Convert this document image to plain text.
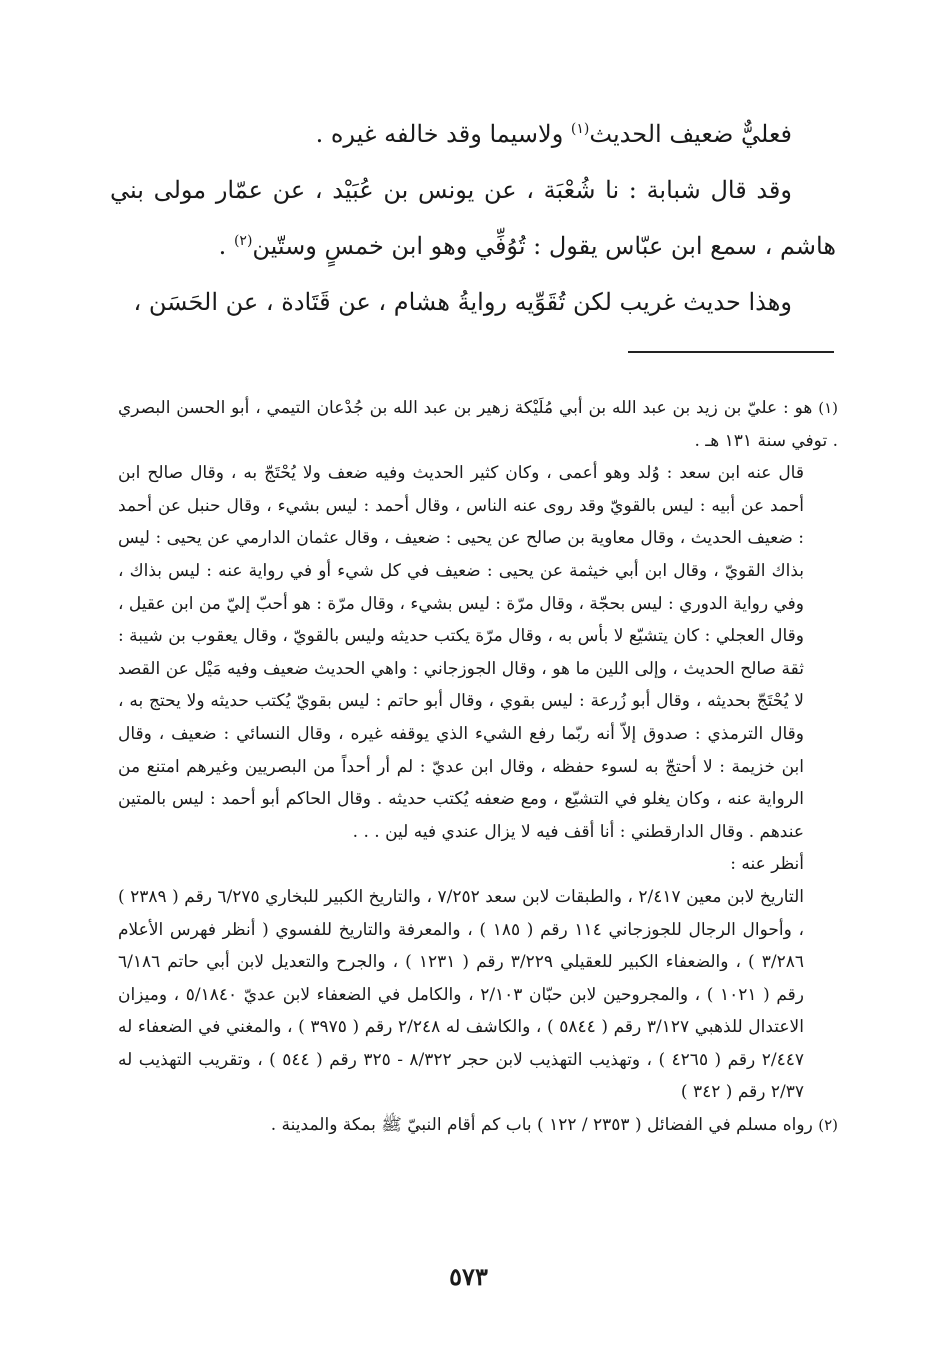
فعليٌّ ضعيف الحديث$^{(١)}$ ولاسيما وقد خالفه غيره .

وقد قال شبابة : نا شُعْبَة ، عن يونس بن عُبَيْد ، عن عمّار مولى بني هاشم ، سمع ابن عبّاس يقول : تُوُفِّي وهو ابن خمسٍ وستّين$^{(٢)}$ .

وهذا حديث غريب لكن تُقَوِّيه روايةُ هشام ، عن قَتَادة ، عن الحَسَن ،

(١) هو : عليّ بن زيد بن عبد الله بن أبي مُلَيْكة زهير بن عبد الله بن جُدْعان التيمي ، أبو الحسن البصري . توفي سنة ١٣١ هـ .

قال عنه ابن سعد : وُلد وهو أعمى ، وكان كثير الحديث وفيه ضعف ولا يُحْتَجّ به ، وقال صالح ابن أحمد عن أبيه : ليس بالقويّ وقد روى عنه الناس ، وقال أحمد : ليس بشيء ، وقال حنبل عن أحمد : ضعيف الحديث ، وقال معاوية بن صالح عن يحيى : ضعيف ، وقال عثمان الدارمي عن يحيى : ليس بذاك القويّ ، وقال ابن أبي خيثمة عن يحيى : ضعيف في كل شيء أو في رواية عنه : ليس بذاك ، وفي رواية الدوري : ليس بحجّة ، وقال مرّة : ليس بشيء ، وقال مرّة : هو أحبّ إليّ من ابن عقيل ، وقال العجلي : كان يتشيّع لا بأس به ، وقال مرّة يكتب حديثه وليس بالقويّ ، وقال يعقوب بن شيبة : ثقة صالح الحديث ، وإلى اللين ما هو ، وقال الجوزجاني : واهي الحديث ضعيف وفيه مَيْل عن القصد لا يُحْتَجّ بحديثه ، وقال أبو زُرعة : ليس بقوي ، وقال أبو حاتم : ليس بقويّ يُكتب حديثه ولا يحتج به ، وقال الترمذي : صدوق إلاّ أنه ربّما رفع الشيء الذي يوقفه غيره ، وقال النسائي : ضعيف ، وقال ابن خزيمة : لا أحتجّ به لسوء حفظه ، وقال ابن عديّ : لم أر أحداً من البصريين وغيرهم امتنع من الرواية عنه ، وكان يغلو في التشيّع ، ومع ضعفه يُكتب حديثه . وقال الحاكم أبو أحمد : ليس بالمتين عندهم . وقال الدارقطني : أنا أقف فيه لا يزال عندي فيه لين . . .

أنظر عنه :

التاريخ لابن معين ٢/٤١٧ ، والطبقات لابن سعد ٧/٢٥٢ ، والتاريخ الكبير للبخاري ٦/٢٧٥ رقم ( ٢٣٨٩ ) ، وأحوال الرجال للجوزجاني ١١٤ رقم ( ١٨٥ ) ، والمعرفة والتاريخ للفسوي ( أنظر فهرس الأعلام ٣/٢٨٦ ) ، والضعفاء الكبير للعقيلي ٣/٢٢٩ رقم ( ١٢٣١ ) ، والجرح والتعديل لابن أبي حاتم ٦/١٨٦ رقم ( ١٠٢١ ) ، والمجروحين لابن حبّان ٢/١٠٣ ، والكامل في الضعفاء لابن عديّ ٥/١٨٤٠ ، وميزان الاعتدال للذهبي ٣/١٢٧ رقم ( ٥٨٤٤ ) ، والكاشف له ٢/٢٤٨ رقم ( ٣٩٧٥ ) ، والمغني في الضعفاء له ٢/٤٤٧ رقم ( ٤٢٦٥ ) ، وتهذيب التهذيب لابن حجر ٨/٣٢٢ - ٣٢٥ رقم ( ٥٤٤ ) ، وتقريب التهذيب له ٢/٣٧ رقم ( ٣٤٢ )

(٢) رواه مسلم في الفضائل ( ٢٣٥٣ / ١٢٢ ) باب كم أقام النبيّ ﷺ بمكة والمدينة .

٥٧٣
